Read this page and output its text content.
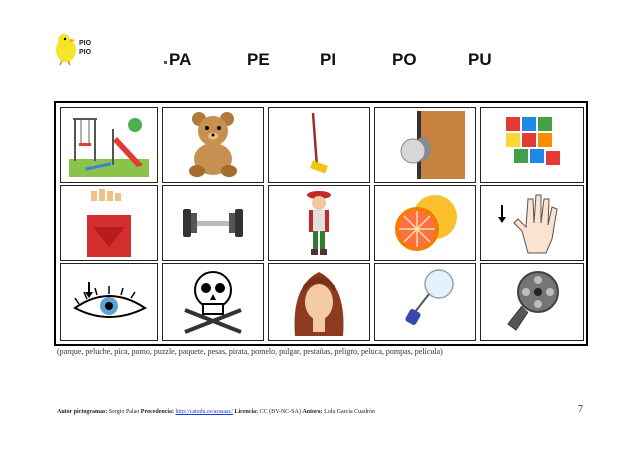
PIO
PIO	PA	PE	PI	PO	PU
(parque, peluche, pica, pomo, puzzle, paquete, pesas, pirata, pomelo, pulgar, pestañas, peligro, peluca, pompas, película)
Autor pictogramas: Sergio Palao Procedencia: http://catedu.es/arasaac/ Licencia: CC (BY-NC-SA) Autora: Lola García Cuadrón	7
